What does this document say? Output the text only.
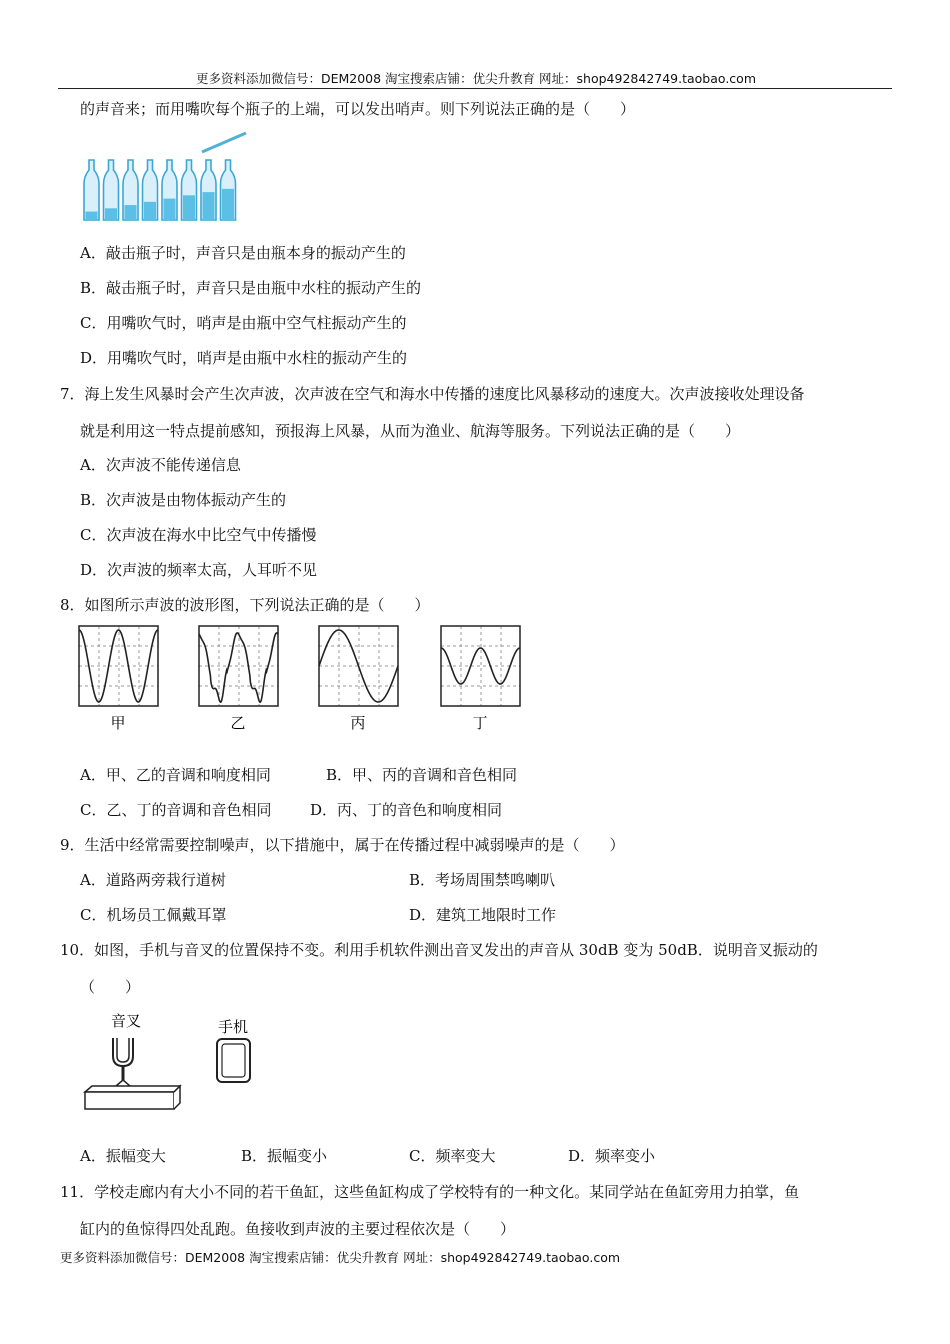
更多资料添加微信号：DEM2008 淘宝搜索店铺：优尖升教育 网址：shop492842749.taobao.com
的声音来；而用嘴吹每个瓶子的上端，可以发出哨声。则下列说法正确的是（　　）
A．敲击瓶子时，声音只是由瓶本身的振动产生的
B．敲击瓶子时，声音只是由瓶中水柱的振动产生的
C．用嘴吹气时，哨声是由瓶中空气柱振动产生的
D．用嘴吹气时，哨声是由瓶中水柱的振动产生的
7．海上发生风暴时会产生次声波，次声波在空气和海水中传播的速度比风暴移动的速度大。次声波接收处理设备
就是利用这一特点提前感知，预报海上风暴，从而为渔业、航海等服务。下列说法正确的是（　　）
A．次声波不能传递信息
B．次声波是由物体振动产生的
C．次声波在海水中比空气中传播慢
D．次声波的频率太高，人耳听不见
8．如图所示声波的波形图，下列说法正确的是（　　）
甲	乙	丙	丁
A．甲、乙的音调和响度相同	B．甲、丙的音调和音色相同
C．乙、丁的音调和音色相同	D．丙、丁的音色和响度相同
9．生活中经常需要控制噪声，以下措施中，属于在传播过程中减弱噪声的是（　　）
A．道路两旁栽行道树	B．考场周围禁鸣喇叭
C．机场员工佩戴耳罩	D．建筑工地限时工作
10．如图，手机与音叉的位置保持不变。利用手机软件测出音叉发出的声音从 30dB 变为 50dB．说明音叉振动的
（　　）
音叉	手机
A．振幅变大	B．振幅变小	C．频率变大	D．频率变小
11．学校走廊内有大小不同的若干鱼缸，这些鱼缸构成了学校特有的一种文化。某同学站在鱼缸旁用力拍掌，鱼
缸内的鱼惊得四处乱跑。鱼接收到声波的主要过程依次是（　　）
更多资料添加微信号：DEM2008 淘宝搜索店铺：优尖升教育 网址：shop492842749.taobao.com
